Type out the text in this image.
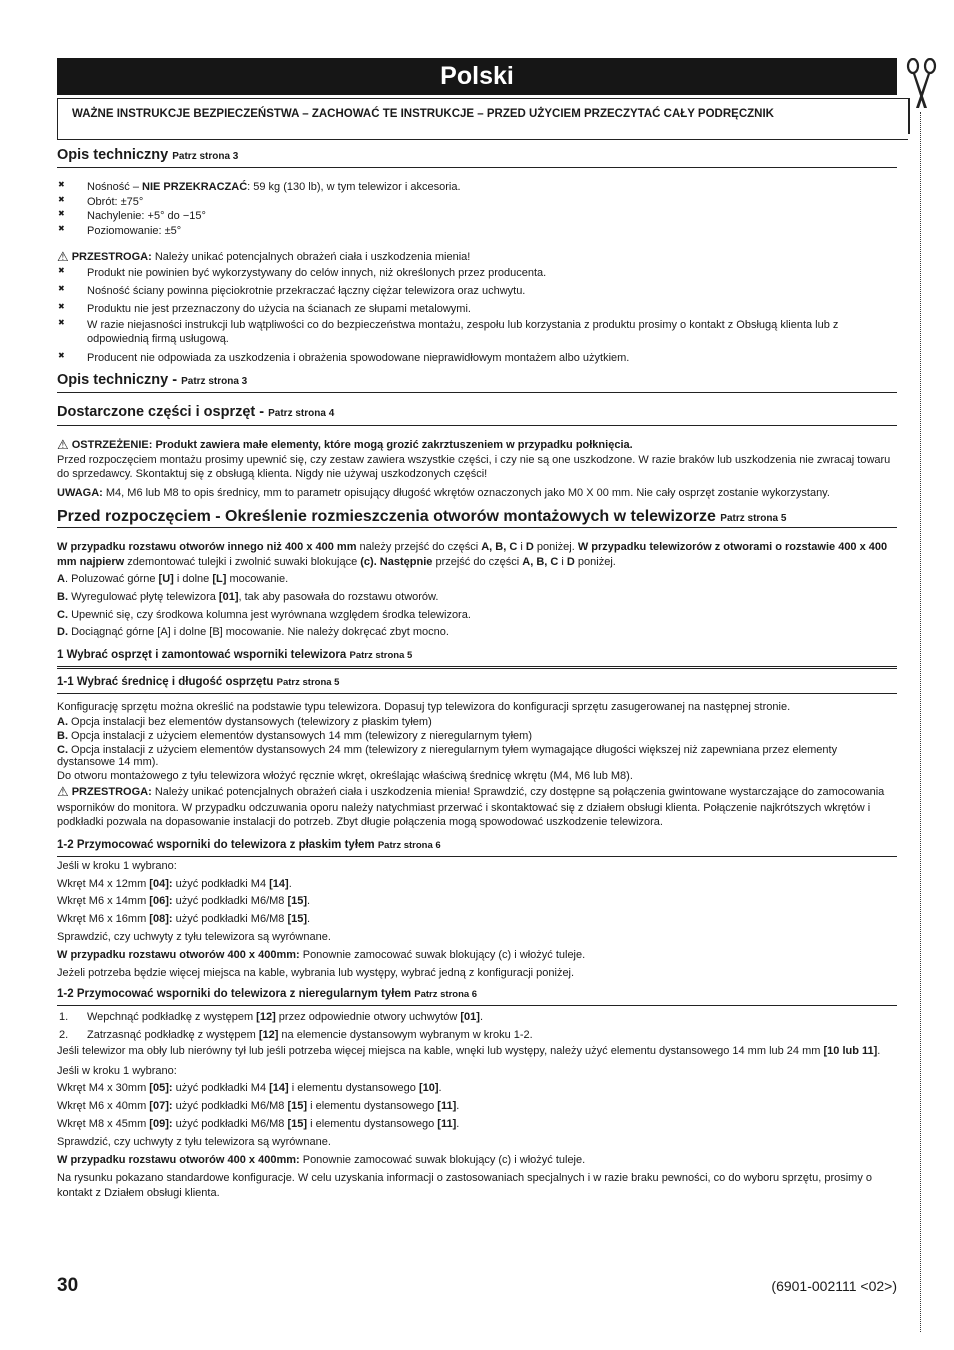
Polski
WAŻNE INSTRUKCJE BEZPIECZEŃSTWA – ZACHOWAĆ TE INSTRUKCJE – PRZED UŻYCIEM PRZECZYTAĆ CAŁY PODRĘCZNIK
Opis techniczny Patrz strona 3
✖ Nośność – NIE PRZEKRACZAĆ: 59 kg (130 lb), w tym telewizor i akcesoria.
✖ Obrót: ±75°
✖ Nachylenie: +5° do −15°
✖ Poziomowanie: ±5°

⚠ PRZESTROGA: Należy unikać potencjalnych obrażeń ciała i uszkodzenia mienia!

✖ Produkt nie powinien być wykorzystywany do celów innych, niż określonych przez producenta.
✖ Nośność ściany powinna pięciokrotnie przekraczać łączny ciężar telewizora oraz uchwytu.
✖ Produktu nie jest przeznaczony do użycia na ścianach ze słupami metalowymi.
✖ W razie niejasności instrukcji lub wątpliwości co do bezpieczeństwa montażu, zespołu lub korzystania z produktu prosimy o kontakt z Obsługą klienta lub z odpowiednią firmą usługową.
✖ Producent nie odpowiada za uszkodzenia i obrażenia spowodowane nieprawidłowym montażem albo użytkiem.
Opis techniczny - Patrz strona 3
Dostarczone części i osprzęt - Patrz strona 4

⚠ OSTRZEŻENIE: Produkt zawiera małe elementy, które mogą grozić zakrztuszeniem w przypadku połknięcia.

Przed rozpoczęciem montażu prosimy upewnić się, czy zestaw zawiera wszystkie części, i czy nie są one uszkodzone. W razie braków lub uszkodzenia nie zwracaj towaru do sprzedawcy. Skontaktuj się z obsługą klienta. Nigdy nie używaj uszkodzonych części!

UWAGA: M4, M6 lub M8 to opis średnicy, mm to parametr opisujący długość wkrętów oznaczonych jako M0 X 00 mm. Nie cały osprzęt zostanie wykorzystany.

Przed rozpoczęciem - Określenie rozmieszczenia otworów montażowych w telewizorze Patrz strona 5

W przypadku rozstawu otworów innego niż 400 x 400 mm należy przejść do części A, B, C i D poniżej. W przypadku telewizorów z otworami o rozstawie 400 x 400 mm najpierw zdemontować tulejki i zwolnić suwaki blokujące (c). Następnie przejść do części A, B, C i D poniżej.

A. Poluzować górne [U] i dolne [L] mocowanie.

B. Wyregulować płytę telewizora [01], tak aby pasowała do rozstawu otworów.

C. Upewnić się, czy środkowa kolumna jest wyrównana względem środka telewizora.

D. Dociągnąć górne [A] i dolne [B] mocowanie. Nie należy dokręcać zbyt mocno.

1 Wybrać osprzęt i zamontować wsporniki telewizora Patrz strona 5
1-1 Wybrać średnicę i długość osprzętu Patrz strona 5

Konfigurację sprzętu można określić na podstawie typu telewizora. Dopasuj typ telewizora do konfiguracji sprzętu zasugerowanej na następnej stronie.

A. Opcja instalacji bez elementów dystansowych (telewizory z płaskim tyłem)

B. Opcja instalacji z użyciem elementów dystansowych 14 mm (telewizory z nieregularnym tyłem)

C. Opcja instalacji z użyciem elementów dystansowych 24 mm (telewizory z nieregularnym tyłem wymagające długości większej niż zapewniana przez elementy dystansowe 14 mm).

Do otworu montażowego z tyłu telewizora włożyć ręcznie wkręt, określając właściwą średnicę wkrętu (M4, M6 lub M8).

⚠ PRZESTROGA: Należy unikać potencjalnych obrażeń ciała i uszkodzenia mienia! Sprawdzić, czy dostępne są połączenia gwintowane wystarczające do zamocowania wsporników do monitora. W przypadku odczuwania oporu należy natychmiast przerwać i skontaktować się z działem obsługi klienta. Połączenie najkrótszych wkrętów i podkładki pozwala na dopasowanie instalacji do potrzeb. Zbyt długie połączenia mogą spowodować uszkodzenie telewizora.

1-2 Przymocować wsporniki do telewizora z płaskim tyłem Patrz strona 6

Jeśli w kroku 1 wybrano:

Wkręt M4 x 12mm [04]: użyć podkładki M4 [14].

Wkręt M6 x 14mm [06]: użyć podkładki M6/M8 [15].

Wkręt M6 x 16mm [08]: użyć podkładki M6/M8 [15].

Sprawdzić, czy uchwyty z tyłu telewizora są wyrównane.

W przypadku rozstawu otworów 400 x 400mm: Ponownie zamocować suwak blokujący (c) i włożyć tuleje.

Jeżeli potrzeba będzie więcej miejsca na kable, wybrania lub występy, wybrać jedną z konfiguracji poniżej.

1-2 Przymocować wsporniki do telewizora z nieregularnym tyłem Patrz strona 6
1. Wepchnąć podkładkę z występem [12] przez odpowiednie otwory uchwytów [01].
2. Zatrzasnąć podkładkę z występem [12] na elemencie dystansowym wybranym w kroku 1-2.

Jeśli telewizor ma obły lub nierówny tył lub jeśli potrzeba więcej miejsca na kable, wnęki lub występy, należy użyć elementu dystansowego 14 mm lub 24 mm [10 lub 11].

Jeśli w kroku 1 wybrano:

Wkręt M4 x 30mm [05]: użyć podkładki M4 [14] i elementu dystansowego [10].

Wkręt M6 x 40mm [07]: użyć podkładki M6/M8 [15] i elementu dystansowego [11].

Wkręt M8 x 45mm [09]: użyć podkładki M6/M8 [15] i elementu dystansowego [11].

Sprawdzić, czy uchwyty z tyłu telewizora są wyrównane.

W przypadku rozstawu otworów 400 x 400mm: Ponownie zamocować suwak blokujący (c) i włożyć tuleje.

Na rysunku pokazano standardowe konfiguracje. W celu uzyskania informacji o zastosowaniach specjalnych i w razie braku pewności, co do wyboru sprzętu, prosimy o kontakt z Działem obsługi klienta.

30	(6901-002111 <02>)
